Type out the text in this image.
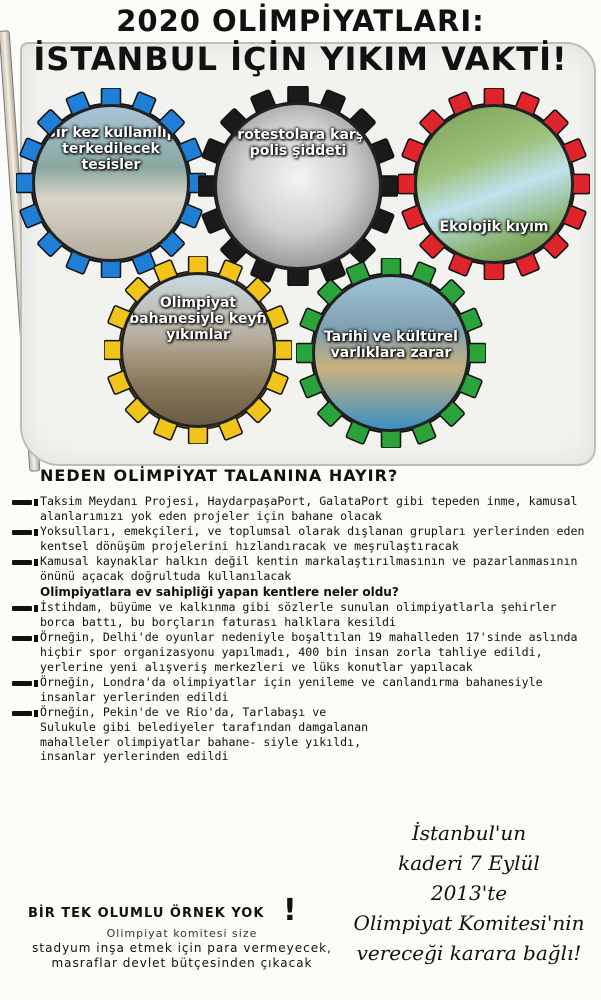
2020 OLİMPİYATLARI:
İSTANBUL İÇİN YIKIM VAKTİ!
Bir kez kullanılıp terkedilecek tesisler
Protestolara karşı polis şiddeti
Ekolojik kıyım
Olimpiyat bahanesiyle keyfi yıkımlar	Tarihi ve kültürel varlıklara zarar
NEDEN OLİMPİYAT TALANINA HAYIR?
Taksim Meydanı Projesi, HaydarpaşaPort, GalataPort gibi tepeden inme, kamusal alanlarımızı yok eden projeler için bahane olacak
Yoksulları, emekçileri, ve toplumsal olarak dışlanan grupları yerlerinden eden kentsel dönüşüm projelerini hızlandıracak ve meşrulaştıracak
Kamusal kaynaklar halkın değil kentin markalaştırılmasının ve pazarlanmasının önünü açacak doğrultuda kullanılacak
Olimpiyatlara ev sahipliği yapan kentlere neler oldu?
İstihdam, büyüme ve kalkınma gibi sözlerle sunulan olimpiyatlarla şehirler borca battı, bu borçların faturası halklara kesildi
Örneğin, Delhi'de oyunlar nedeniyle boşaltılan 19 mahalleden 17'sinde aslında hiçbir spor organizasyonu yapılmadı, 400 bin insan zorla tahliye edildi, yerlerine yeni alışveriş merkezleri ve lüks konutlar yapılacak
Örneğin, Londra'da olimpiyatlar için yenileme ve canlandırma bahanesiyle insanlar yerlerinden edildi
Örneğin, Pekin'de ve Rio'da, Tarlabaşı ve Sulukule gibi belediyeler tarafından damgalanan mahalleler olimpiyatlar bahane- siyle yıkıldı, insanlar yerlerinden edildi
BİR TEK OLUMLU ÖRNEK YOK !
Olimpiyat komitesi size
stadyum inşa etmek için para vermeyecek,
masraflar devlet bütçesinden çıkacak
İstanbul'un
kaderi 7 Eylül
2013'te
Olimpiyat Komitesi'nin
vereceği karara bağlı!
